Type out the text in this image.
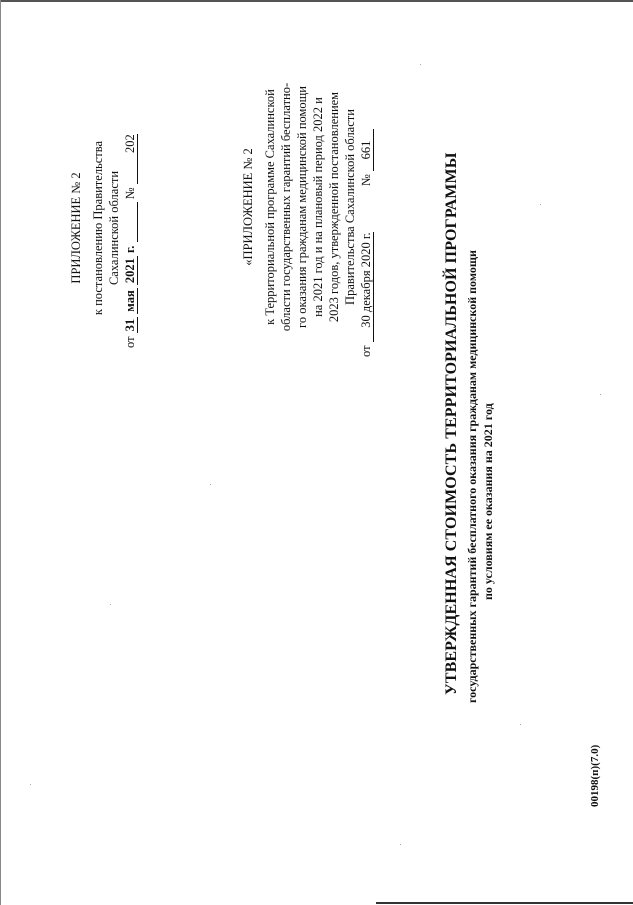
ПРИЛОЖЕНИЕ № 2 к постановлению Правительства Сахалинской области
от 31 мая 2021 г.   № 202
«ПРИЛОЖЕНИЕ № 2 к Территориальной программе Сахалинской области государственных гарантий бесплатно- го оказания гражданам медицинской помощи на 2021 год и на плановый период 2022 и 2023 годов, утвержденной постановлением Правительства Сахалинской области
от 30 декабря 2020 г.  № 661
УТВЕРЖДЕННАЯ СТОИМОСТЬ ТЕРРИТОРИАЛЬНОЙ ПРОГРАММЫ государственных гарантий бесплатного оказания гражданам медицинской помощи по условиям ее оказания на 2021 год
00198(п)(7.0)
